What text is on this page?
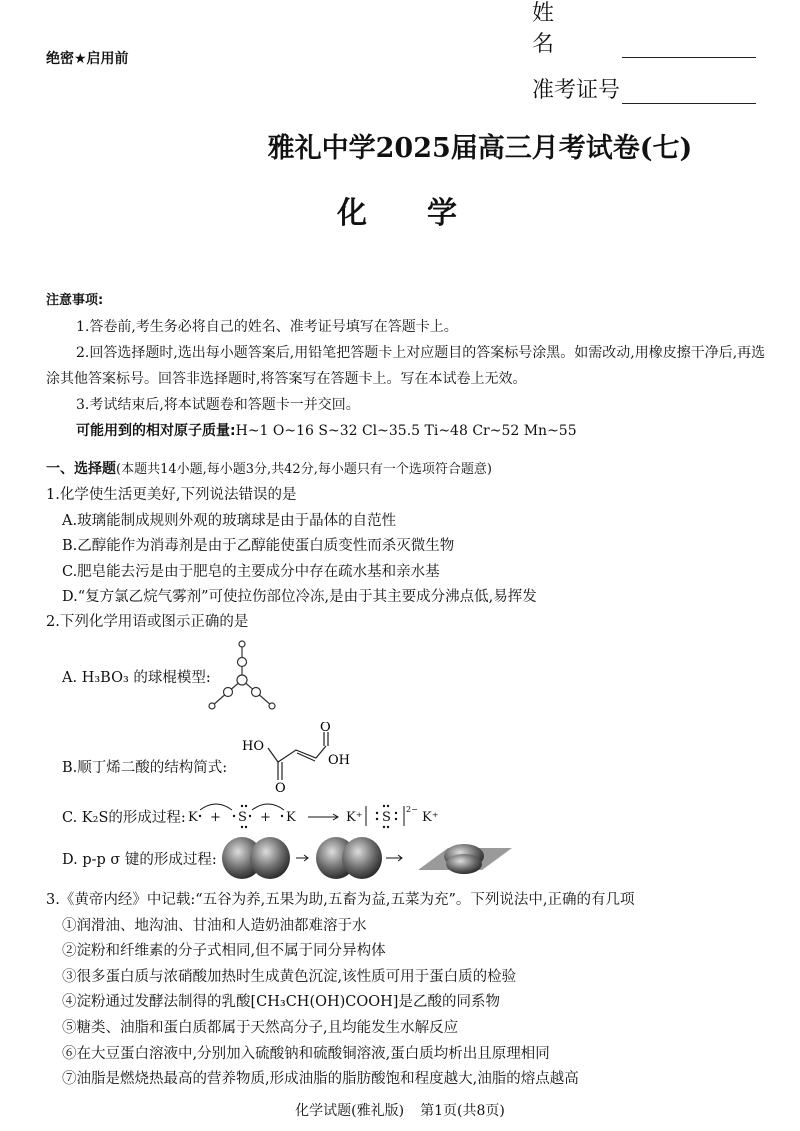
绝密★启用前
姓名
准考证号
雅礼中学2025届高三月考试卷(七)
化学
注意事项:

1.答卷前,考生务必将自己的姓名、准考证号填写在答题卡上。

2.回答选择题时,选出每小题答案后,用铅笔把答题卡上对应题目的答案标号涂黑。如需改动,用橡皮擦干净后,再选涂其他答案标号。回答非选择题时,将答案写在答题卡上。写在本试卷上无效。

3.考试结束后,将本试题卷和答题卡一并交回。

可能用到的相对原子质量:H~1 O~16 S~32 Cl~35.5 Ti~48 Cr~52 Mn~55

一、选择题(本题共14小题,每小题3分,共42分,每小题只有一个选项符合题意)

1.化学使生活更美好,下列说法错误的是

A.玻璃能制成规则外观的玻璃球是由于晶体的自范性

B.乙醇能作为消毒剂是由于乙醇能使蛋白质变性而杀灭微生物

C.肥皂能去污是由于肥皂的主要成分中存在疏水基和亲水基

D.“复方氯乙烷气雾剂”可使拉伤部位冷冻,是由于其主要成分沸点低,易挥发

2.下列化学用语或图示正确的是

A. H₃BO₃ 的球棍模型:
B.顺丁烯二酸的结构简式:
HO
O
O
OH
C. K₂S的形成过程: K + S + K	K⁺ S
2−
K⁺
D. p-p σ 键的形成过程:

3.《黄帝内经》中记载:“五谷为养,五果为助,五畜为益,五菜为充”。下列说法中,正确的有几项

①润滑油、地沟油、甘油和人造奶油都难溶于水

②淀粉和纤维素的分子式相同,但不属于同分异构体

③很多蛋白质与浓硝酸加热时生成黄色沉淀,该性质可用于蛋白质的检验

④淀粉通过发酵法制得的乳酸[CH₃CH(OH)COOH]是乙酸的同系物

⑤糖类、油脂和蛋白质都属于天然高分子,且均能发生水解反应

⑥在大豆蛋白溶液中,分别加入硫酸钠和硫酸铜溶液,蛋白质均析出且原理相同

⑦油脂是燃烧热最高的营养物质,形成油脂的脂肪酸饱和程度越大,油脂的熔点越高

化学试题(雅礼版) 第1页(共8页)
